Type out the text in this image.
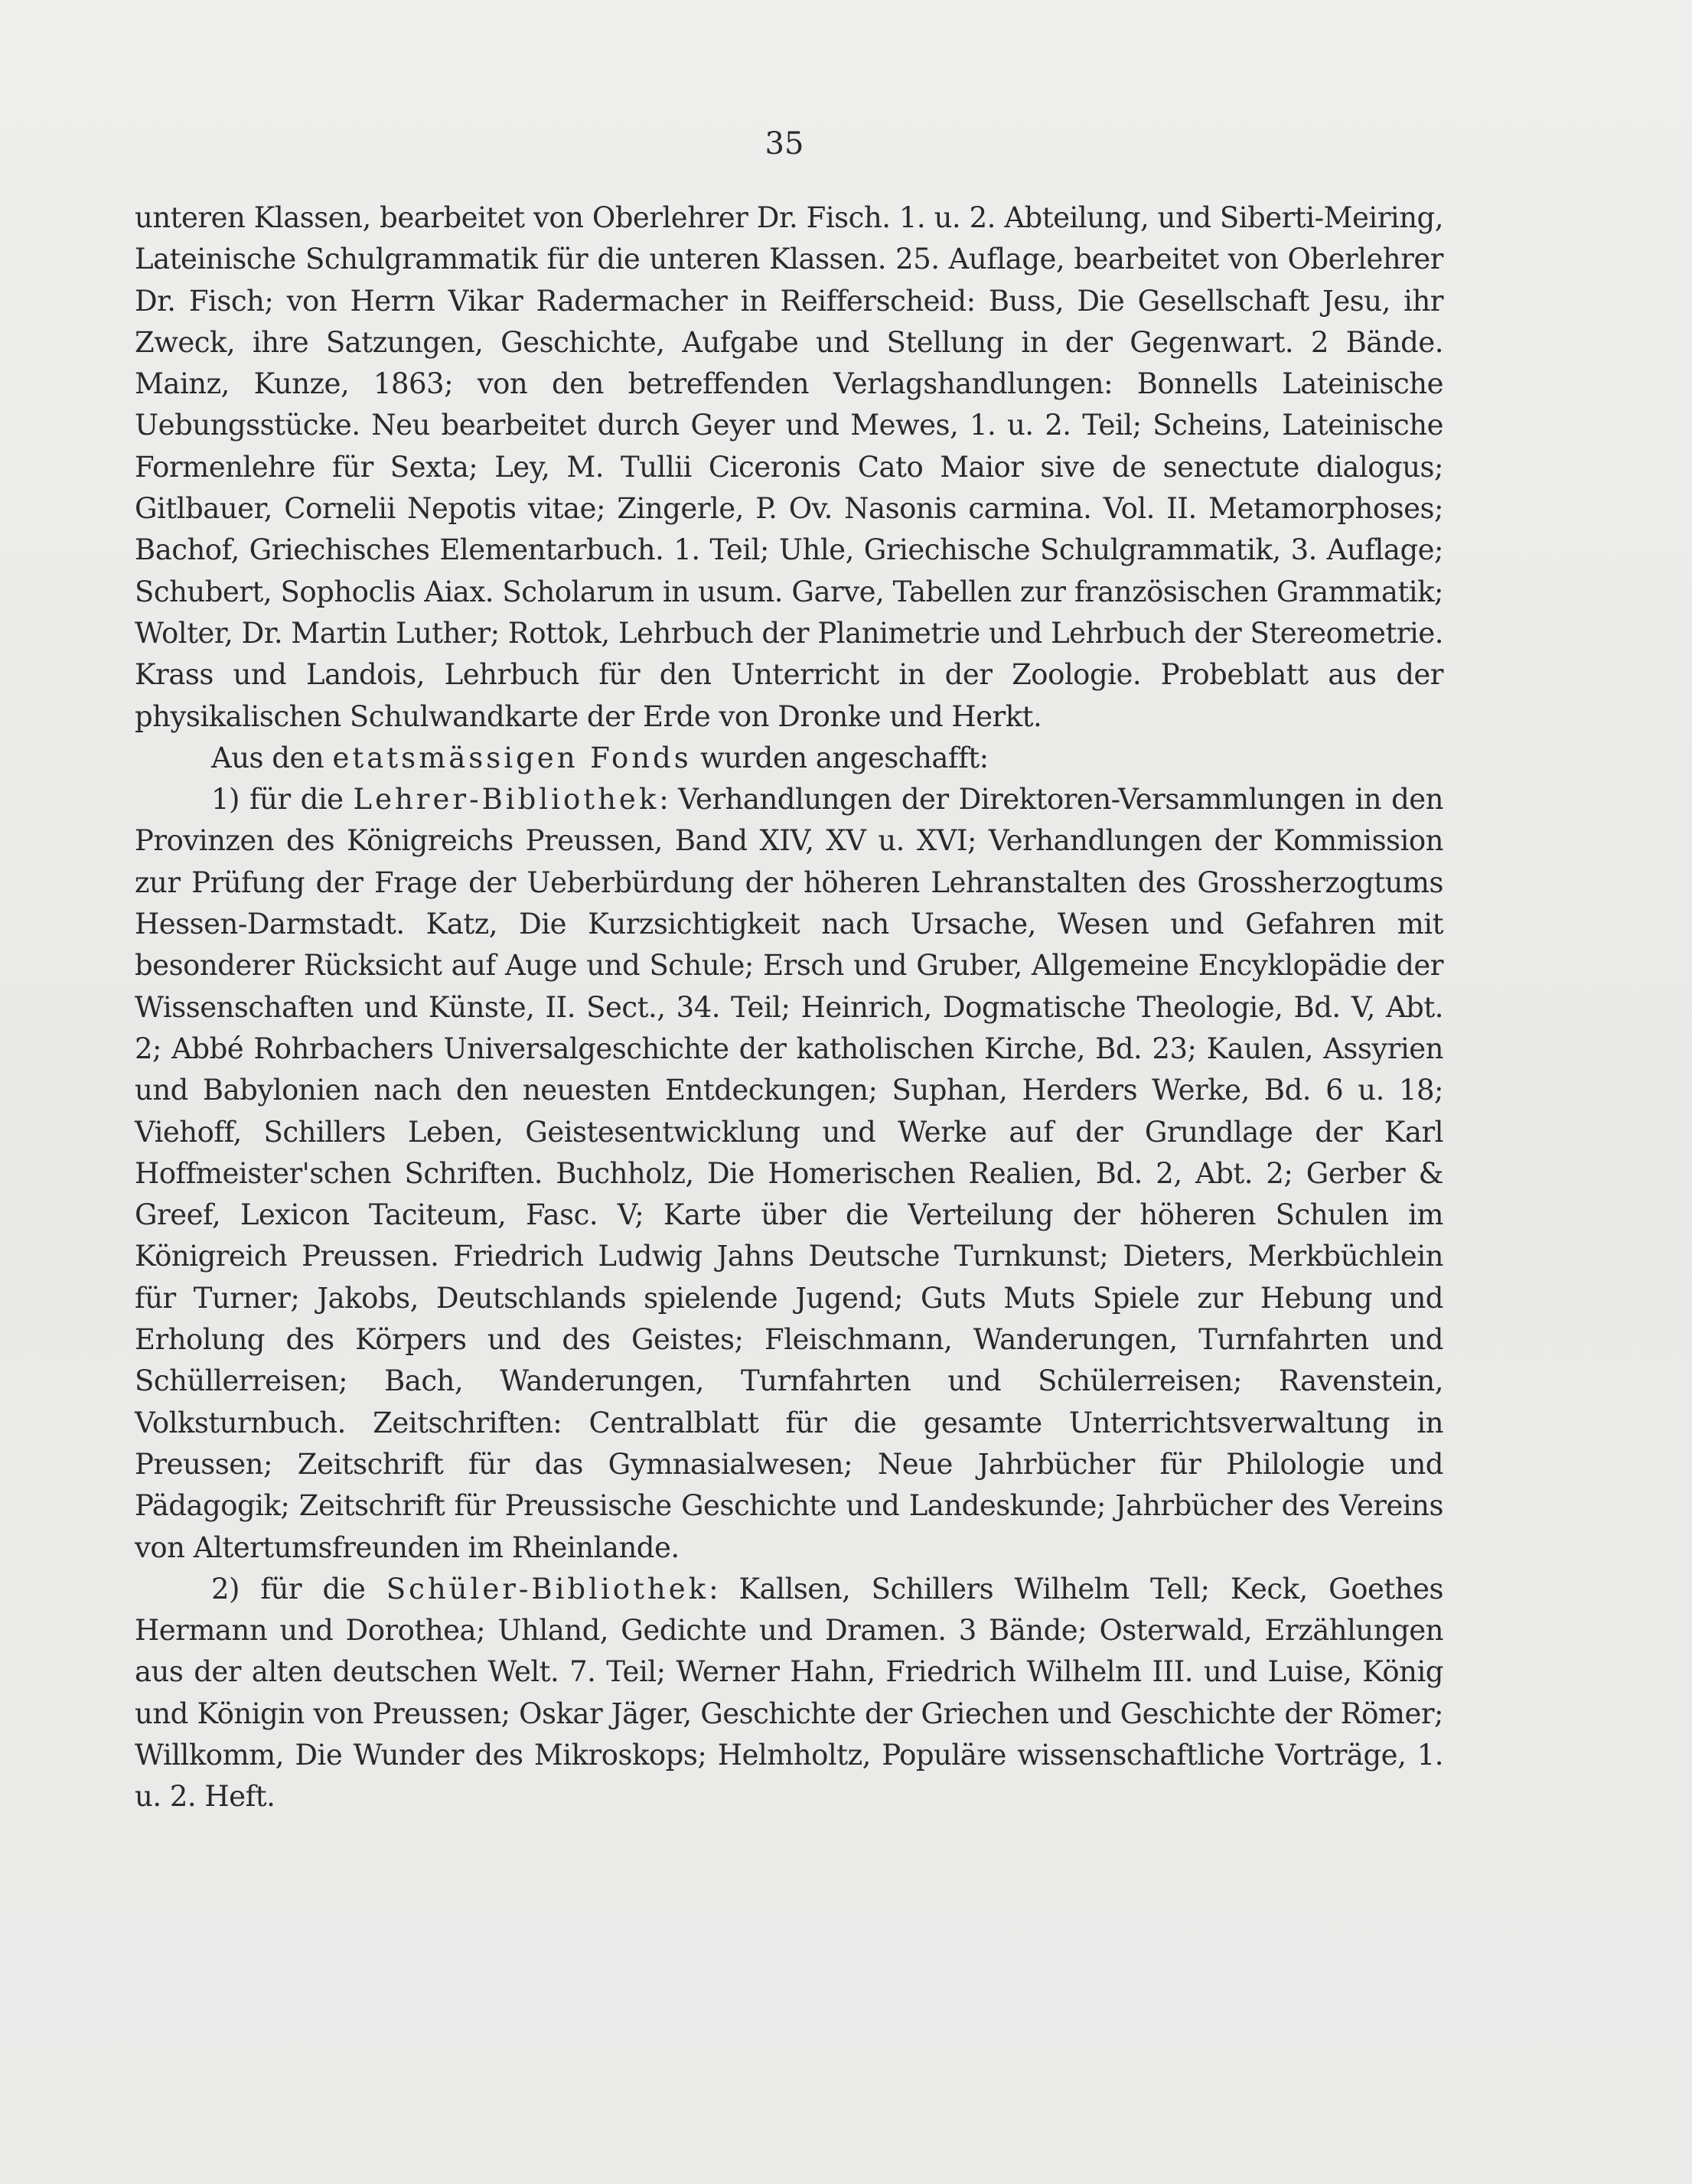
35

unteren Klassen, bearbeitet von Oberlehrer Dr. Fisch. 1. u. 2. Abteilung, und Siberti-Meiring, Lateinische Schulgrammatik für die unteren Klassen. 25. Auflage, bearbeitet von Oberlehrer Dr. Fisch; von Herrn Vikar Radermacher in Reifferscheid: Buss, Die Gesellschaft Jesu, ihr Zweck, ihre Satzungen, Geschichte, Aufgabe und Stellung in der Gegenwart. 2 Bände. Mainz, Kunze, 1863; von den betreffenden Verlagshandlungen: Bonnells Lateinische Uebungsstücke. Neu bearbeitet durch Geyer und Mewes, 1. u. 2. Teil; Scheins, Lateinische Formenlehre für Sexta; Ley, M. Tullii Ciceronis Cato Maior sive de senectute dialogus; Gitlbauer, Cornelii Nepotis vitae; Zingerle, P. Ov. Nasonis carmina. Vol. II. Metamorphoses; Bachof, Griechisches Elementarbuch. 1. Teil; Uhle, Griechische Schulgrammatik, 3. Auflage; Schubert, Sophoclis Aiax. Scholarum in usum. Garve, Tabellen zur französischen Grammatik; Wolter, Dr. Martin Luther; Rottok, Lehrbuch der Planimetrie und Lehrbuch der Stereometrie. Krass und Landois, Lehrbuch für den Unterricht in der Zoologie. Probeblatt aus der physikalischen Schulwandkarte der Erde von Dronke und Herkt.

Aus den etatsmässigen Fonds wurden angeschafft:

1) für die Lehrer-Bibliothek: Verhandlungen der Direktoren-Versammlungen in den Provinzen des Königreichs Preussen, Band XIV, XV u. XVI; Verhandlungen der Kommission zur Prüfung der Frage der Ueberbürdung der höheren Lehranstalten des Grossherzogtums Hessen-Darmstadt. Katz, Die Kurzsichtigkeit nach Ursache, Wesen und Gefahren mit besonderer Rücksicht auf Auge und Schule; Ersch und Gruber, Allgemeine Encyklopädie der Wissenschaften und Künste, II. Sect., 34. Teil; Heinrich, Dogmatische Theologie, Bd. V, Abt. 2; Abbé Rohrbachers Universalgeschichte der katholischen Kirche, Bd. 23; Kaulen, Assyrien und Babylonien nach den neuesten Entdeckungen; Suphan, Herders Werke, Bd. 6 u. 18; Viehoff, Schillers Leben, Geistesentwicklung und Werke auf der Grundlage der Karl Hoffmeister'schen Schriften. Buchholz, Die Homerischen Realien, Bd. 2, Abt. 2; Gerber & Greef, Lexicon Taciteum, Fasc. V; Karte über die Verteilung der höheren Schulen im Königreich Preussen. Friedrich Ludwig Jahns Deutsche Turnkunst; Dieters, Merkbüchlein für Turner; Jakobs, Deutschlands spielende Jugend; Guts Muts Spiele zur Hebung und Erholung des Körpers und des Geistes; Fleischmann, Wanderungen, Turnfahrten und Schüllerreisen; Bach, Wanderungen, Turnfahrten und Schülerreisen; Ravenstein, Volksturnbuch. Zeitschriften: Centralblatt für die gesamte Unterrichtsverwaltung in Preussen; Zeitschrift für das Gymnasialwesen; Neue Jahrbücher für Philologie und Pädagogik; Zeitschrift für Preussische Geschichte und Landeskunde; Jahrbücher des Vereins von Altertumsfreunden im Rheinlande.

2) für die Schüler-Bibliothek: Kallsen, Schillers Wilhelm Tell; Keck, Goethes Hermann und Dorothea; Uhland, Gedichte und Dramen. 3 Bände; Osterwald, Erzählungen aus der alten deutschen Welt. 7. Teil; Werner Hahn, Friedrich Wilhelm III. und Luise, König und Königin von Preussen; Oskar Jäger, Geschichte der Griechen und Geschichte der Römer; Willkomm, Die Wunder des Mikroskops; Helmholtz, Populäre wissenschaftliche Vorträge, 1. u. 2. Heft.
